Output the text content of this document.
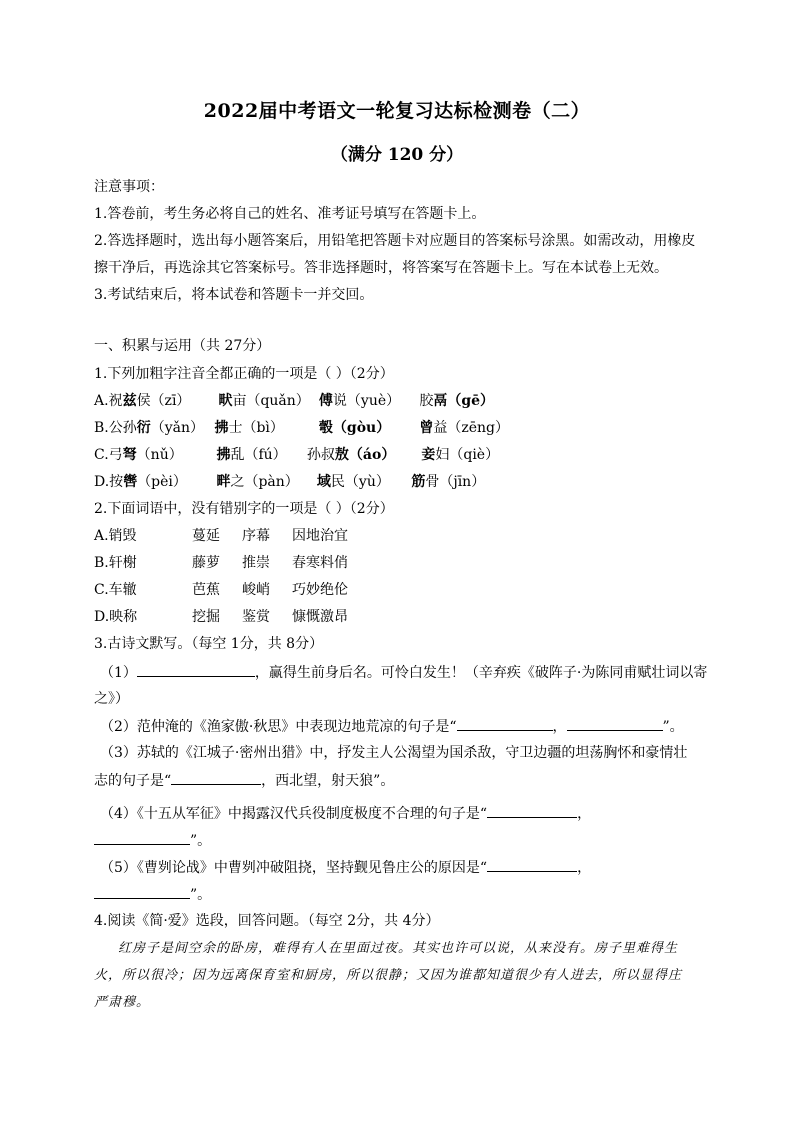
2022届中考语文一轮复习达标检测卷（二）
（满分 120 分）
注意事项：
1.答卷前，考生务必将自己的姓名、准考证号填写在答题卡上。
2.答选择题时，选出每小题答案后，用铅笔把答题卡对应题目的答案标号涂黑。如需改动，用橡皮
擦干净后，再选涂其它答案标号。答非选择题时，将答案写在答题卡上。写在本试卷上无效。
3.考试结束后，将本试卷和答题卡一并交回。
一、积累与运用（共 27分）
1.下列加粗字注音全都正确的一项是（ ）（2分）
A.祝兹侯（zī） 畎亩（quǎn） 傅说（yuè） 胶鬲（gē）
B.公孙衍（yǎn） 拂士（bì）	彀（gòu） 曾益（zēng）
C.弓弩（nǔ） 拂乱（fú） 孙叔敖（áo） 妾妇（qiè）
D.按辔（pèi） 畔之（pàn） 域民（yù） 筋骨（jīn）
2.下面词语中，没有错别字的一项是（ ）（2分）
A.销毁	蔓延 序幕 因地治宜
B.轩榭	藤萝 推崇 春寒料俏
C.车辙	芭蕉 峻峭 巧妙绝伦
D.映称	挖掘 鉴赏 慷慨激昂
3.古诗文默写。（每空 1分，共 8分）
（1）	，赢得生前身后名。可怜白发生！（辛弃疾《破阵子·为陈同甫赋壮词以寄
之》）
（2）范仲淹的《渔家傲·秋思》中表现边地荒凉的句子是“	，	”。
（3）苏轼的《江城子·密州出猎》中，抒发主人公渴望为国杀敌，守卫边疆的坦荡胸怀和豪情壮
志的句子是“	，西北望，射天狼”。
（4）《十五从军征》中揭露汉代兵役制度极度不合理的句子是“	，
”。
（5）《曹刿论战》中曹刿冲破阻挠，坚持觐见鲁庄公的原因是“	，
”。
4.阅读《简·爱》选段，回答问题。（每空 2分，共 4分）
红房子是间空余的卧房，难得有人在里面过夜。其实也许可以说，从来没有。房子里难得生
火，所以很冷；因为远离保育室和厨房，所以很静；又因为谁都知道很少有人进去，所以显得庄
严肃穆。
